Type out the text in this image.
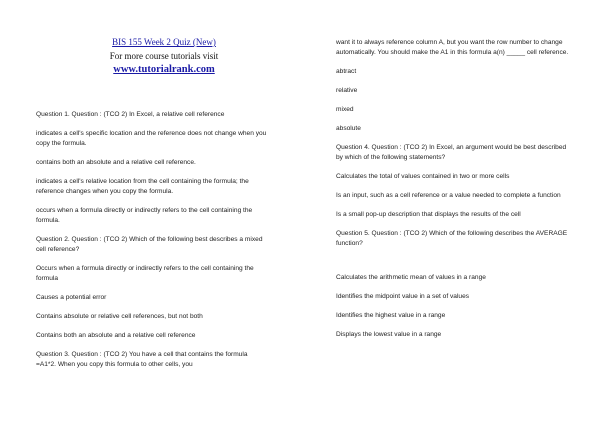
BIS 155 Week 2 Quiz (New)

For more course tutorials visit

www.tutorialrank.com

Question 1. Question : (TCO 2) In Excel, a relative cell reference

indicates a cell's specific location and the reference does not change when you copy the formula.

contains both an absolute and a relative cell reference.

indicates a cell's relative location from the cell containing the formula; the reference changes when you copy the formula.

occurs when a formula directly or indirectly refers to the cell containing the formula.

Question 2. Question : (TCO 2) Which of the following best describes a mixed cell reference?

Occurs when a formula directly or indirectly refers to the cell containing the formula

Causes a potential error

Contains absolute or relative cell references, but not both

Contains both an absolute and a relative cell reference

Question 3. Question : (TCO 2) You have a cell that contains the formula =A1*2. When you copy this formula to other cells, you

want it to always reference column A, but you want the row number to change automatically. You should make the A1 in this formula a(n) _____ cell reference.

abtract

relative

mixed

absolute

Question 4. Question : (TCO 2) In Excel, an argument would be best described by which of the following statements?

Calculates the total of values contained in two or more cells

Is an input, such as a cell reference or a value needed to complete a function

Is a small pop-up description that displays the results of the cell

Question 5. Question : (TCO 2) Which of the following describes the AVERAGE function?

Calculates the arithmetic mean of values in a range

Identifies the midpoint value in a set of values

Identifies the highest value in a range

Displays the lowest value in a range
